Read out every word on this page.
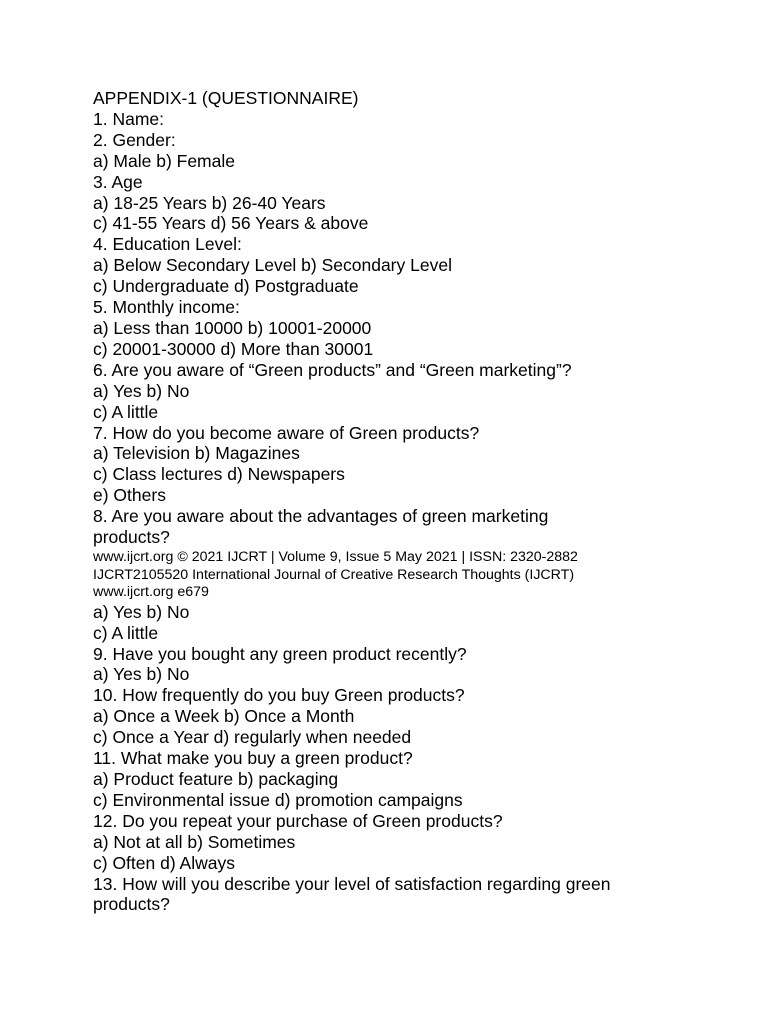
APPENDIX-1 (QUESTIONNAIRE)
1. Name:
2. Gender:
a) Male b) Female
3. Age
a) 18-25 Years b) 26-40 Years
c) 41-55 Years d) 56 Years & above
4. Education Level:
a) Below Secondary Level b) Secondary Level
c) Undergraduate d) Postgraduate
5. Monthly income:
a) Less than 10000 b) 10001-20000
c) 20001-30000 d) More than 30001
6. Are you aware of “Green products” and “Green marketing”?
a) Yes b) No
c) A little
7. How do you become aware of Green products?
a) Television b) Magazines
c) Class lectures d) Newspapers
e) Others
8. Are you aware about the advantages of green marketing
products?
www.ijcrt.org © 2021 IJCRT | Volume 9, Issue 5 May 2021 | ISSN: 2320-2882
IJCRT2105520 International Journal of Creative Research Thoughts (IJCRT)
www.ijcrt.org e679
a) Yes b) No
c) A little
9. Have you bought any green product recently?
a) Yes b) No
10. How frequently do you buy Green products?
a) Once a Week b) Once a Month
c) Once a Year d) regularly when needed
11. What make you buy a green product?
a) Product feature b) packaging
c) Environmental issue d) promotion campaigns
12. Do you repeat your purchase of Green products?
a) Not at all b) Sometimes
c) Often d) Always
13. How will you describe your level of satisfaction regarding green
products?
